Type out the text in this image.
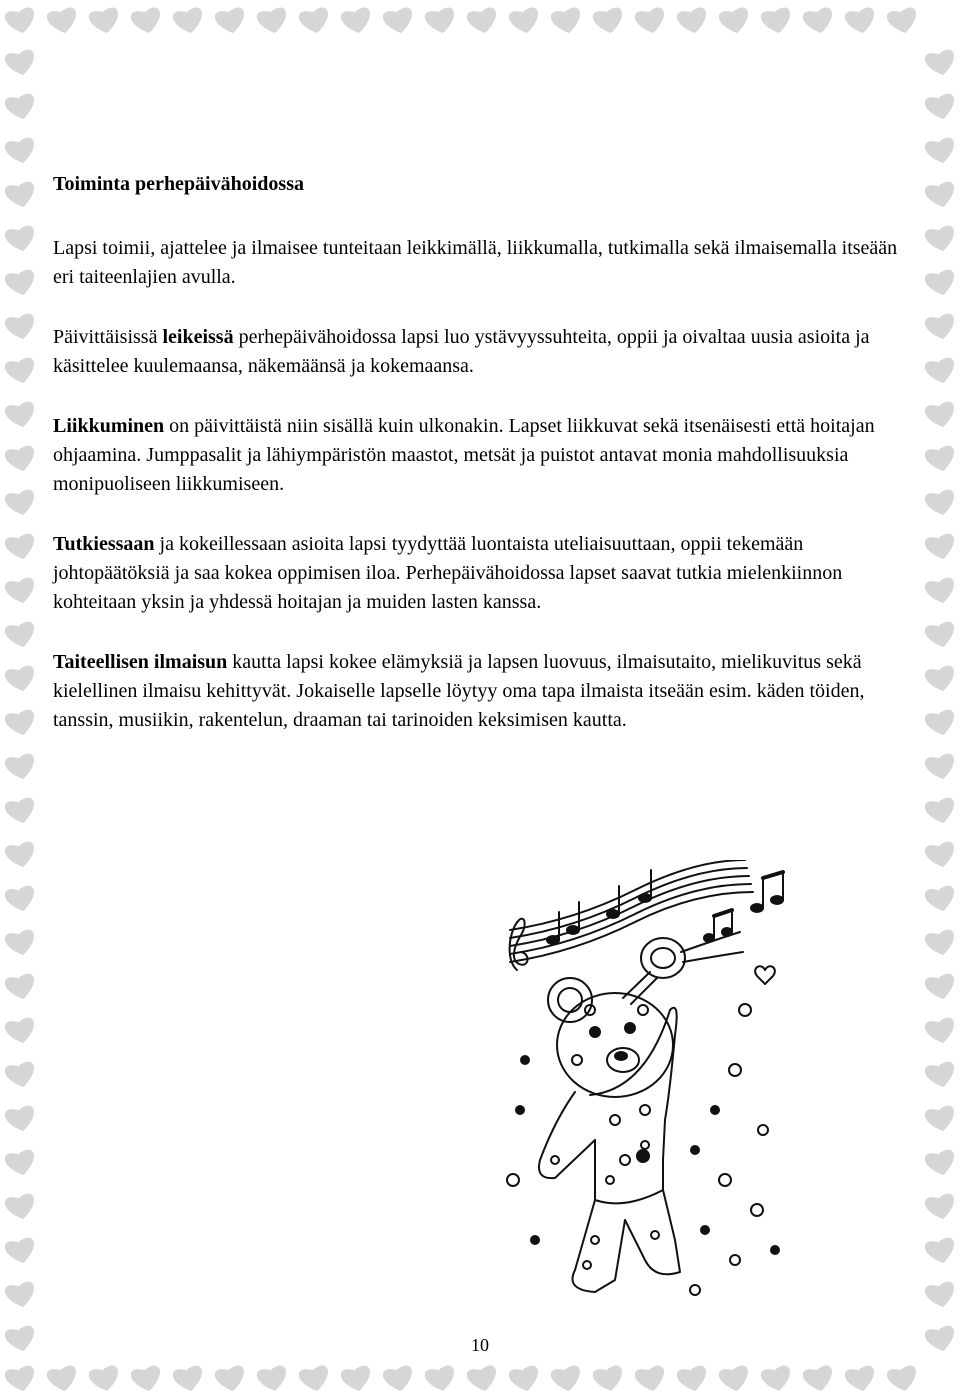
Toiminta perhepäivähoidossa

Lapsi toimii, ajattelee ja ilmaisee tunteitaan leikkimällä, liikkumalla, tutkimalla sekä ilmaisemalla itseään eri taiteenlajien avulla.

Päivittäisissä leikeissä perhepäivähoidossa lapsi luo ystävyyssuhteita, oppii ja oivaltaa uusia asioita ja käsittelee kuulemaansa, näkemäänsä ja kokemaansa.

Liikkuminen on päivittäistä niin sisällä kuin ulkonakin. Lapset liikkuvat sekä itsenäisesti että hoitajan ohjaamina. Jumppasalit ja lähiympäristön maastot, metsät ja puistot antavat monia mahdollisuuksia monipuoliseen liikkumiseen.

Tutkiessaan ja kokeillessaan asioita lapsi tyydyttää luontaista uteliaisuuttaan, oppii tekemään johtopäätöksiä ja saa kokea oppimisen iloa. Perhepäivähoidossa lapset saavat tutkia mielenkiinnon kohteitaan yksin ja yhdessä hoitajan ja muiden lasten kanssa.

Taiteellisen ilmaisun kautta lapsi kokee elämyksiä ja lapsen luovuus, ilmaisutaito, mielikuvitus sekä kielellinen ilmaisu kehittyvät. Jokaiselle lapselle löytyy oma tapa ilmaista itseään esim. käden töiden, tanssin, musiikin, rakentelun, draaman tai tarinoiden keksimisen kautta.

10
